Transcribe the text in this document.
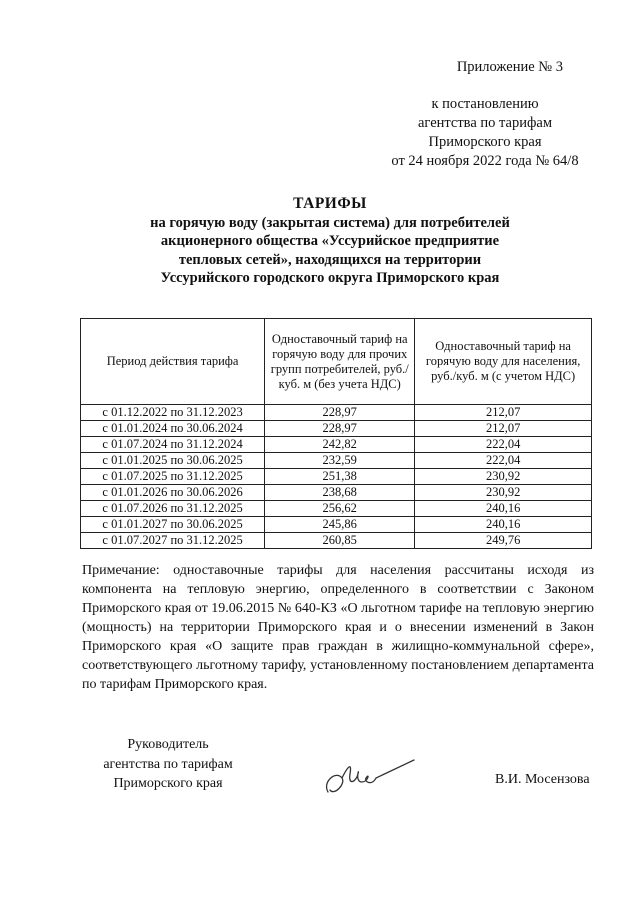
Приложение № 3
к постановлению
агентства по тарифам
Приморского края
от 24 ноября 2022 года № 64/8
ТАРИФЫ
на горячую воду (закрытая система) для потребителей
акционерного общества «Уссурийское предприятие
тепловых сетей», находящихся на территории
Уссурийского городского округа Приморского края
Период действия тарифа	Одноставочный тариф на горячую воду для прочих групп потребителей, руб./куб. м (без учета НДС)	Одноставочный тариф на горячую воду для населения, руб./куб. м (с учетом НДС)
с 01.12.2022 по 31.12.2023	228,97	212,07
с 01.01.2024 по 30.06.2024	228,97	212,07
с 01.07.2024 по 31.12.2024	242,82	222,04
с 01.01.2025 по 30.06.2025	232,59	222,04
с 01.07.2025 по 31.12.2025	251,38	230,92
с 01.01.2026 по 30.06.2026	238,68	230,92
с 01.07.2026 по 31.12.2025	256,62	240,16
с 01.01.2027 по 30.06.2025	245,86	240,16
с 01.07.2027 по 31.12.2025	260,85	249,76
Примечание: одноставочные тарифы для населения рассчитаны исходя из компонента на тепловую энергию, определенного в соответствии с Законом Приморского края от 19.06.2015 № 640-КЗ «О льготном тарифе на тепловую энергию (мощность) на территории Приморского края и о внесении изменений в Закон Приморского края «О защите прав граждан в жилищно-коммунальной сфере», соответствующего льготному тарифу, установленному постановлением департамента по тарифам Приморского края.
Руководитель
агентства по тарифам
Приморского края	В.И. Мосензова
